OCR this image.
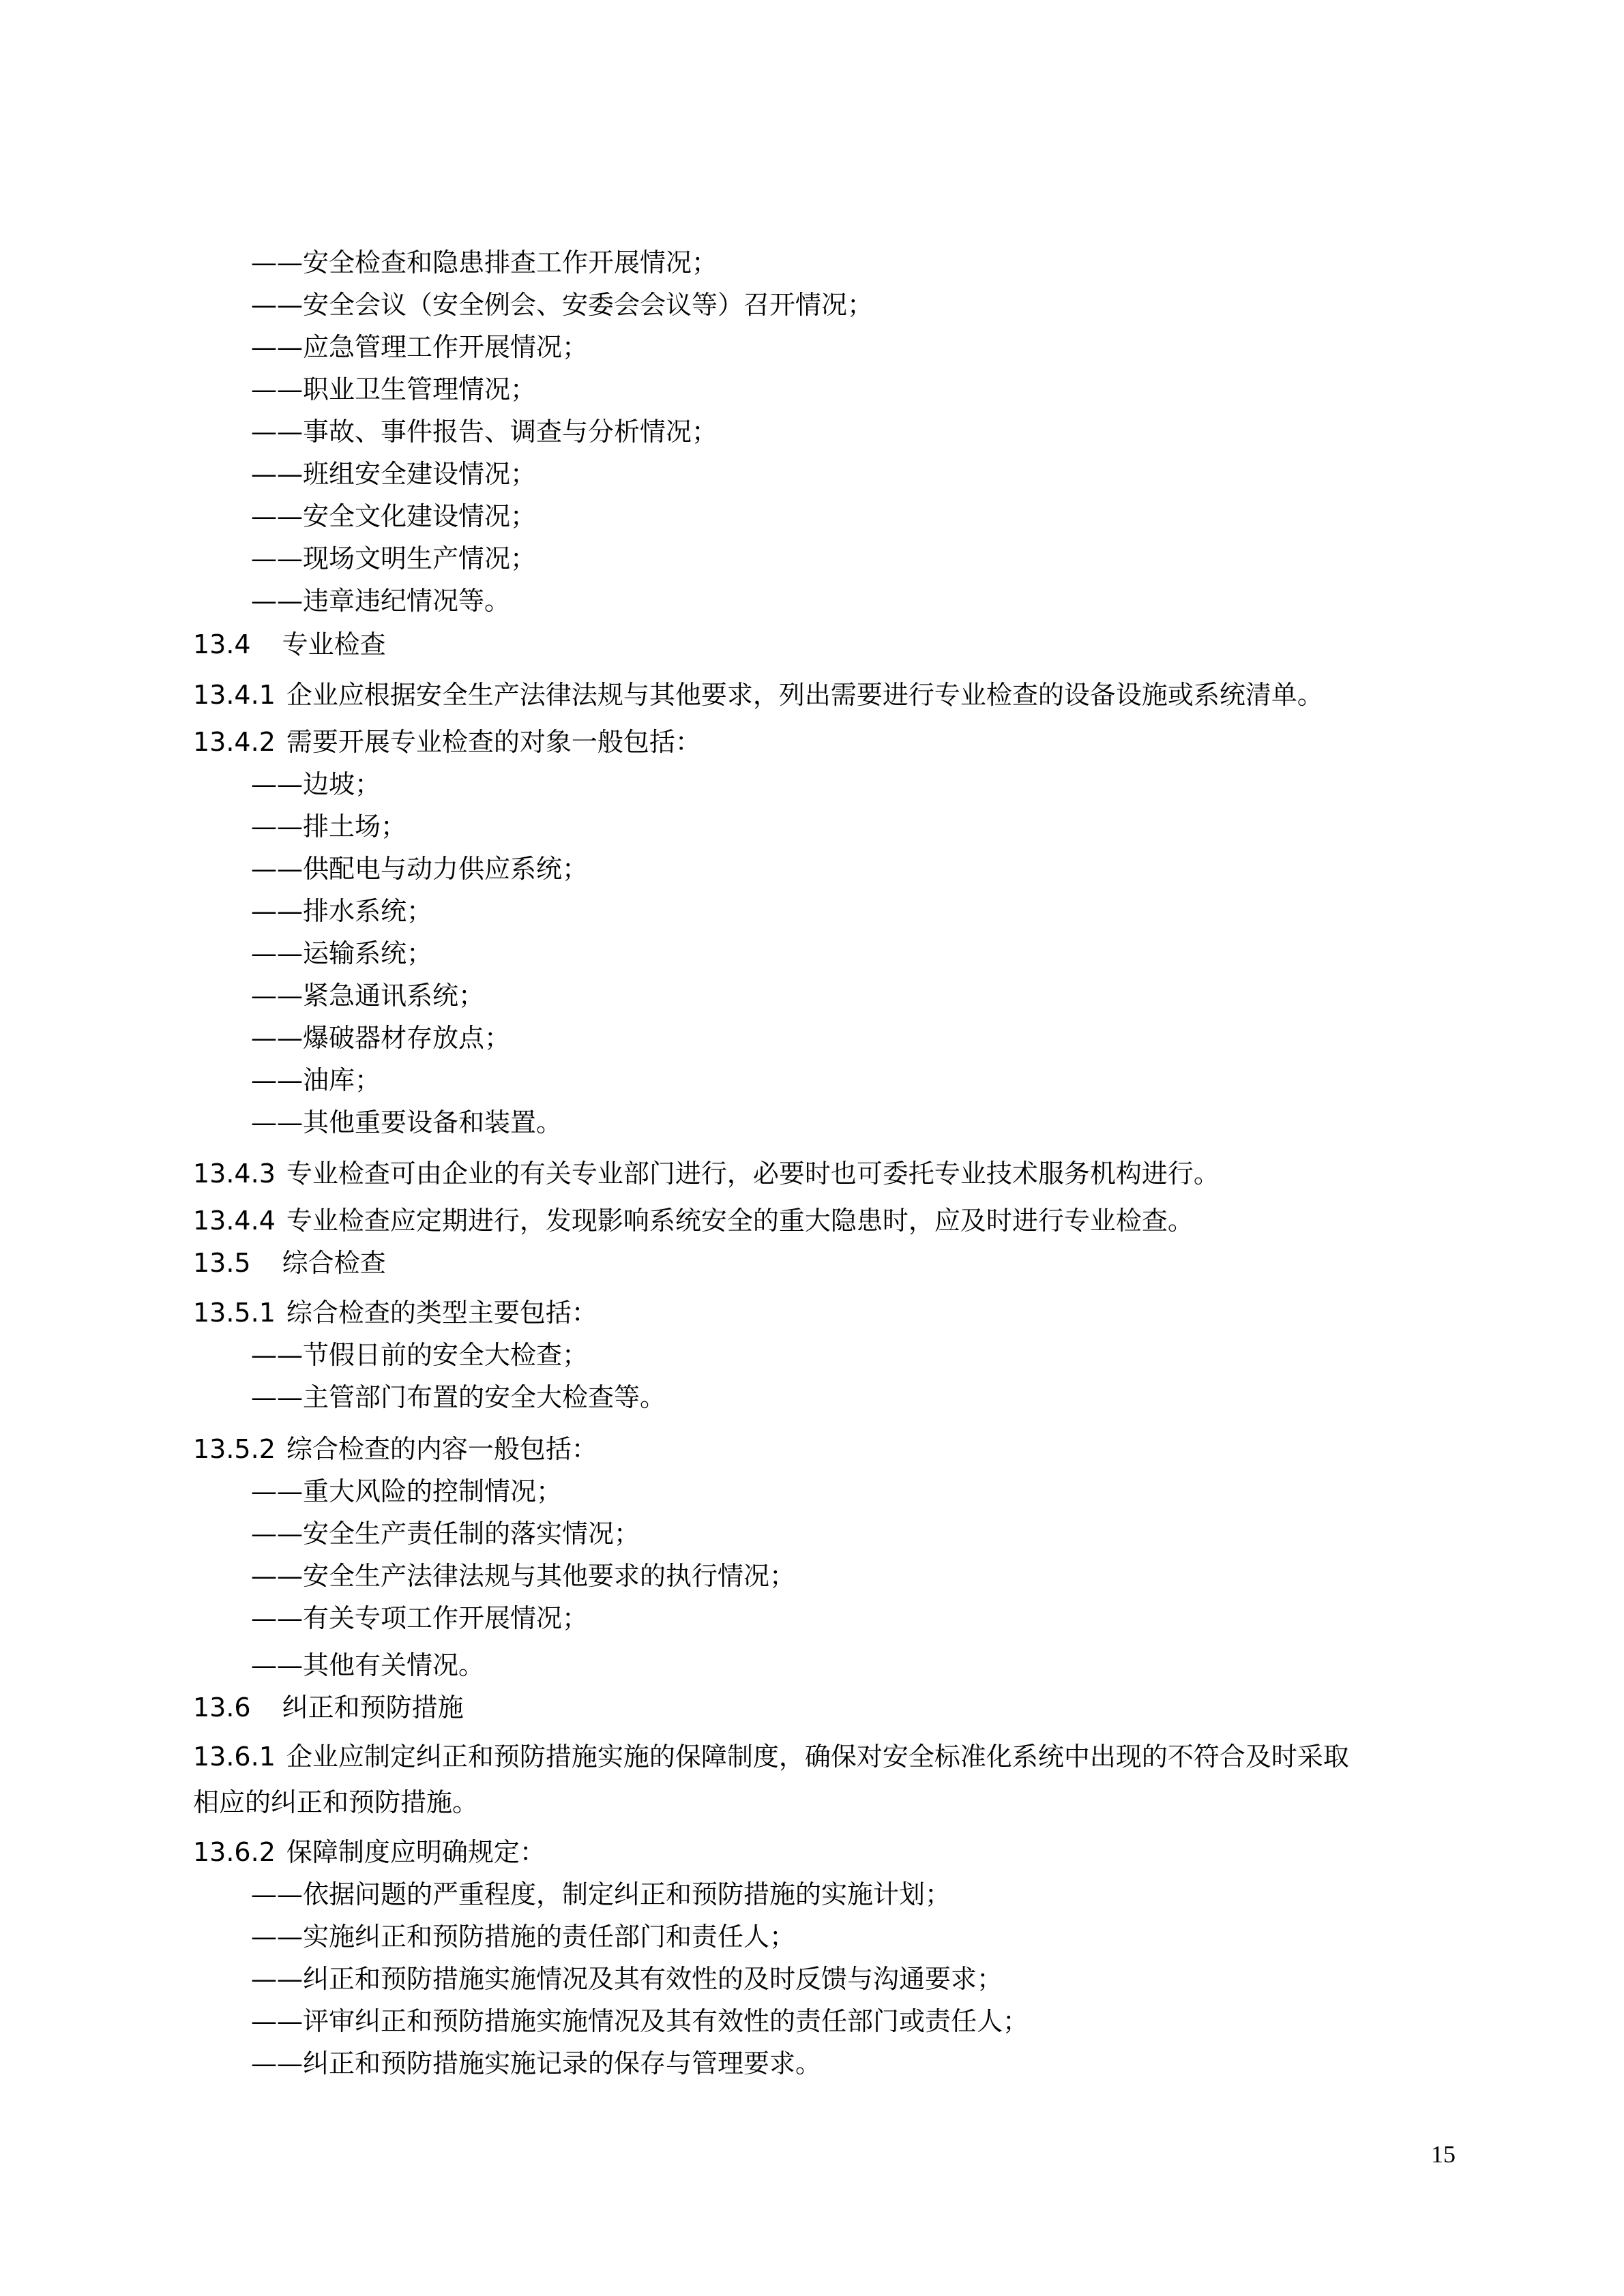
——安全检查和隐患排查工作开展情况；
——安全会议（安全例会、安委会会议等）召开情况；
——应急管理工作开展情况；
——职业卫生管理情况；
——事故、事件报告、调查与分析情况；
——班组安全建设情况；
——安全文化建设情况；
——现场文明生产情况；
——违章违纪情况等。
13.4 专业检查
13.4.1 企业应根据安全生产法律法规与其他要求，列出需要进行专业检查的设备设施或系统清单。
13.4.2 需要开展专业检查的对象一般包括：
——边坡；
——排土场；
——供配电与动力供应系统；
——排水系统；
——运输系统；
——紧急通讯系统；
——爆破器材存放点；
——油库；
——其他重要设备和装置。
13.4.3 专业检查可由企业的有关专业部门进行，必要时也可委托专业技术服务机构进行。
13.4.4 专业检查应定期进行，发现影响系统安全的重大隐患时，应及时进行专业检查。
13.5 综合检查
13.5.1 综合检查的类型主要包括：
——节假日前的安全大检查；
——主管部门布置的安全大检查等。
13.5.2 综合检查的内容一般包括：
——重大风险的控制情况；
——安全生产责任制的落实情况；
——安全生产法律法规与其他要求的执行情况；
——有关专项工作开展情况；
——其他有关情况。
13.6 纠正和预防措施
13.6.1 企业应制定纠正和预防措施实施的保障制度，确保对安全标准化系统中出现的不符合及时采取
相应的纠正和预防措施。
13.6.2 保障制度应明确规定：
——依据问题的严重程度，制定纠正和预防措施的实施计划；
——实施纠正和预防措施的责任部门和责任人；
——纠正和预防措施实施情况及其有效性的及时反馈与沟通要求；
——评审纠正和预防措施实施情况及其有效性的责任部门或责任人；
——纠正和预防措施实施记录的保存与管理要求。
15
